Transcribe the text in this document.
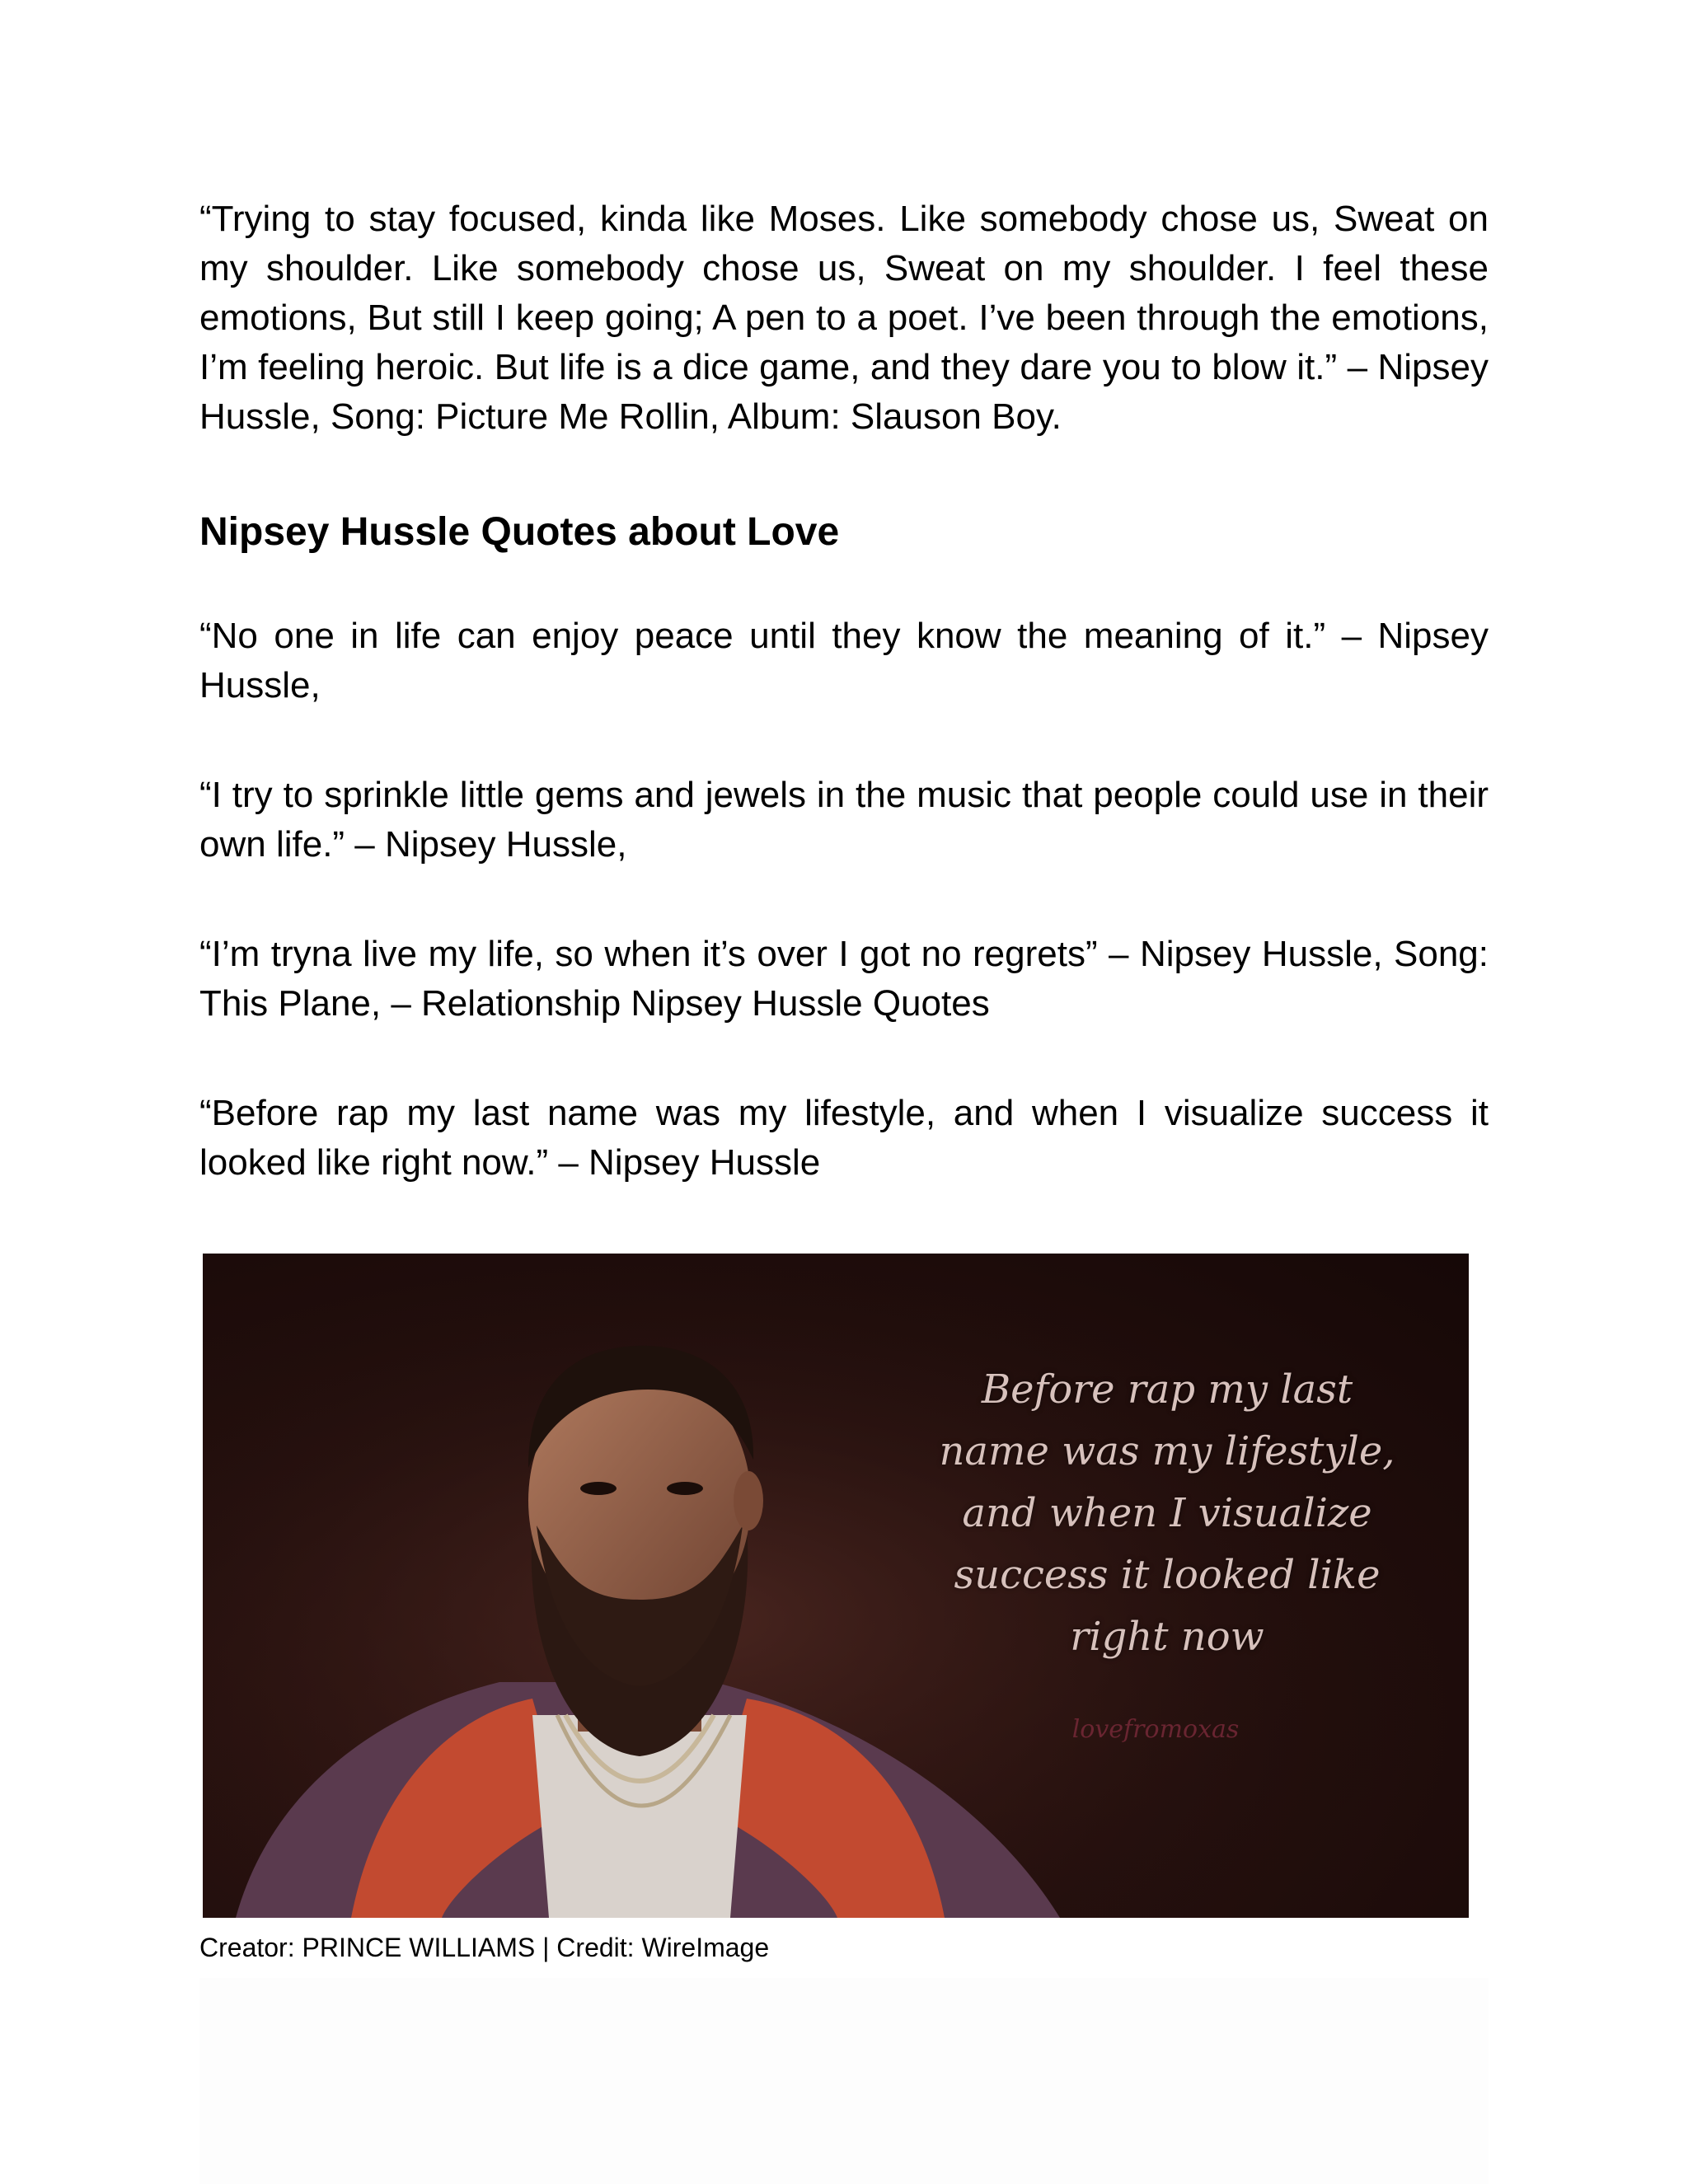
“Trying to stay focused, kinda like Moses. Like somebody chose us, Sweat on my shoulder. Like somebody chose us, Sweat on my shoulder. I feel these emotions, But still I keep going; A pen to a poet. I’ve been through the emotions, I’m feeling heroic. But life is a dice game, and they dare you to blow it.” – Nipsey Hussle, Song: Picture Me Rollin, Album: Slauson Boy.

Nipsey Hussle Quotes about Love

“No one in life can enjoy peace until they know the meaning of it.” – Nipsey Hussle,

“I try to sprinkle little gems and jewels in the music that people could use in their own life.” – Nipsey Hussle,

“I’m tryna live my life, so when it’s over I got no regrets” – Nipsey Hussle, Song: This Plane, – Relationship Nipsey Hussle Quotes

“Before rap my last name was my lifestyle, and when I visualize success it looked like right now.” – Nipsey Hussle

Before rap my last name was my lifestyle, and when I visualize success it looked like right now
lovefromoxas
Creator: PRINCE WILLIAMS | Credit: WireImage
